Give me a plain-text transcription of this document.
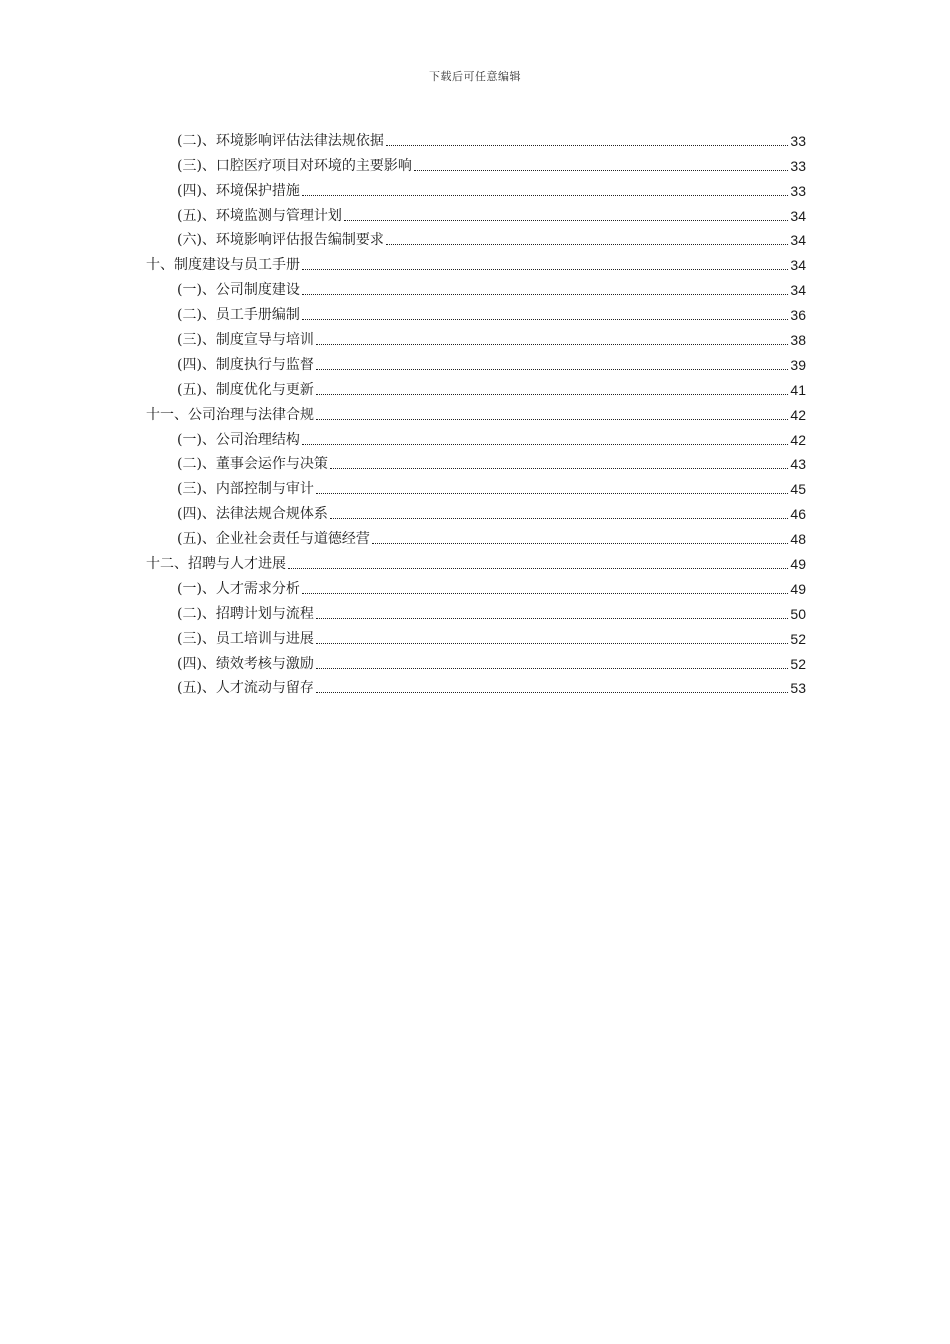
下载后可任意编辑
(二)、环境影响评估法律法规依据	33
(三)、口腔医疗项目对环境的主要影响	33
(四)、环境保护措施	33
(五)、环境监测与管理计划	34
(六)、环境影响评估报告编制要求	34
十、制度建设与员工手册	34
(一)、公司制度建设	34
(二)、员工手册编制	36
(三)、制度宣导与培训	38
(四)、制度执行与监督	39
(五)、制度优化与更新	41
十一、公司治理与法律合规	42
(一)、公司治理结构	42
(二)、董事会运作与决策	43
(三)、内部控制与审计	45
(四)、法律法规合规体系	46
(五)、企业社会责任与道德经营	48
十二、招聘与人才进展	49
(一)、人才需求分析	49
(二)、招聘计划与流程	50
(三)、员工培训与进展	52
(四)、绩效考核与激励	52
(五)、人才流动与留存	53
